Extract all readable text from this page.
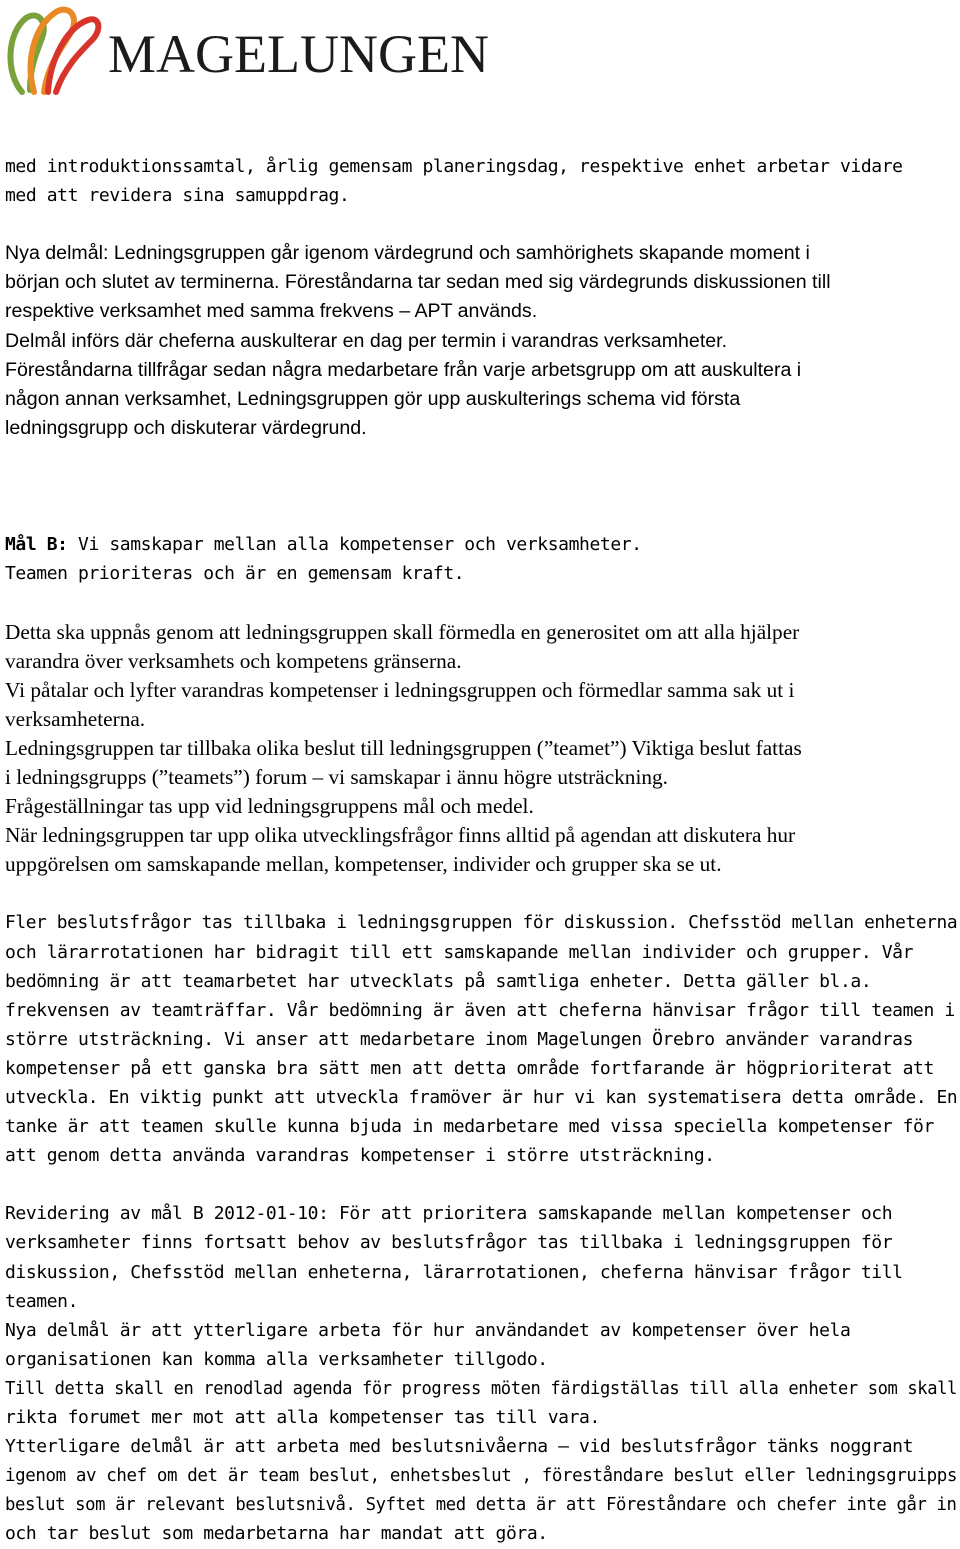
MAGELUNGEN

med introduktionssamtal, årlig gemensam planeringsdag, respektive enhet arbetar vidare
med att revidera sina samuppdrag.

Nya delmål: Ledningsgruppen går igenom värdegrund och samhörighets skapande moment i
början och slutet av terminerna. Föreståndarna tar sedan med sig värdegrunds diskussionen till
respektive verksamhet med samma frekvens – APT används.
Delmål införs där cheferna auskulterar en dag per termin i varandras verksamheter.
Föreståndarna tillfrågar sedan några medarbetare från varje arbetsgrupp om att auskultera i
någon annan verksamhet, Ledningsgruppen gör upp auskulterings schema vid första
ledningsgrupp och diskuterar värdegrund.

Mål B: Vi samskapar mellan alla kompetenser och verksamheter.
Teamen prioriteras och är en gemensam kraft.

Detta ska uppnås genom att ledningsgruppen skall förmedla en generositet om att alla hjälper
varandra över verksamhets och kompetens gränserna.
Vi påtalar och lyfter varandras kompetenser i ledningsgruppen och förmedlar samma sak ut i
verksamheterna.
Ledningsgruppen tar tillbaka olika beslut till ledningsgruppen (”teamet”) Viktiga beslut fattas
i ledningsgrupps (”teamets”) forum – vi samskapar i ännu högre utsträckning.
Frågeställningar tas upp vid ledningsgruppens mål och medel.
När ledningsgruppen tar upp olika utvecklingsfrågor finns alltid på agendan att diskutera hur
uppgörelsen om samskapande mellan, kompetenser, individer och grupper ska se ut.

Fler beslutsfrågor tas tillbaka i ledningsgruppen för diskussion. Chefsstöd mellan enheterna
och lärarrotationen har bidragit till ett samskapande mellan individer och grupper. Vår
bedömning är att teamarbetet har utvecklats på samtliga enheter. Detta gäller bl.a.
frekvensen av teamträffar. Vår bedömning är även att cheferna hänvisar frågor till teamen i
större utsträckning. Vi anser att medarbetare inom Magelungen Örebro använder varandras
kompetenser på ett ganska bra sätt men att detta område fortfarande är högprioriterat att
utveckla. En viktig punkt att utveckla framöver är hur vi kan systematisera detta område. En
tanke är att teamen skulle kunna bjuda in medarbetare med vissa speciella kompetenser för
att genom detta använda varandras kompetenser i större utsträckning.

Revidering av mål B 2012-01-10: För att prioritera samskapande mellan kompetenser och
verksamheter finns fortsatt behov av beslutsfrågor tas tillbaka i ledningsgruppen för
diskussion, Chefsstöd mellan enheterna, lärarrotationen, cheferna hänvisar frågor till
teamen.
Nya delmål är att ytterligare arbeta för hur användandet av kompetenser över hela
organisationen kan komma alla verksamheter tillgodo.
Till detta skall en renodlad agenda för progress möten färdigställas till alla enheter som skall
rikta forumet mer mot att alla kompetenser tas till vara.
Ytterligare delmål är att arbeta med beslutsnivåerna – vid beslutsfrågor tänks noggrant
igenom av chef om det är team beslut, enhetsbeslut , föreståndare beslut eller ledningsgruipps
beslut som är relevant beslutsnivå. Syftet med detta är att Föreståndare och chefer inte går in
och tar beslut som medarbetarna har mandat att göra.
